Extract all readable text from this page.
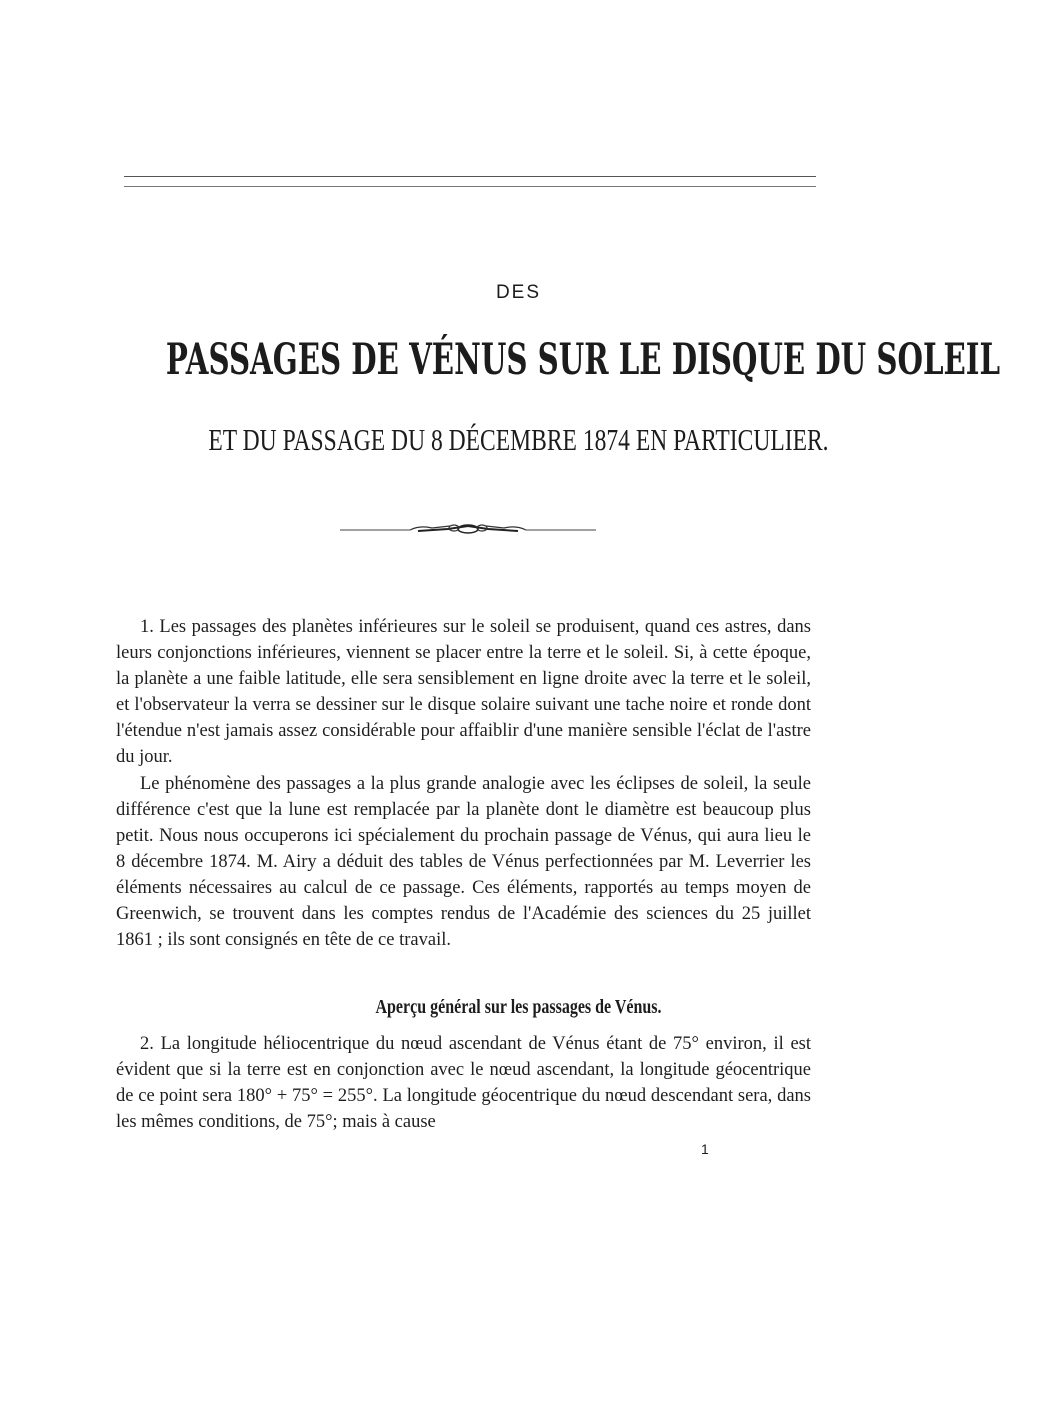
DES
PASSAGES DE VÉNUS SUR LE DISQUE DU SOLEIL
ET DU PASSAGE DU 8 DÉCEMBRE 1874 EN PARTICULIER.
1. Les passages des planètes inférieures sur le soleil se produisent, quand ces astres, dans leurs conjonctions inférieures, viennent se placer entre la terre et le soleil. Si, à cette époque, la planète a une faible latitude, elle sera sensiblement en ligne droite avec la terre et le soleil, et l'observateur la verra se dessiner sur le disque solaire suivant une tache noire et ronde dont l'étendue n'est jamais assez considérable pour affaiblir d'une manière sensible l'éclat de l'astre du jour.
Le phénomène des passages a la plus grande analogie avec les éclipses de soleil, la seule différence c'est que la lune est remplacée par la planète dont le diamètre est beaucoup plus petit. Nous nous occuperons ici spécialement du prochain passage de Vénus, qui aura lieu le 8 décembre 1874. M. Airy a déduit des tables de Vénus perfectionnées par M. Leverrier les éléments nécessaires au calcul de ce passage. Ces éléments, rapportés au temps moyen de Greenwich, se trouvent dans les comptes rendus de l'Académie des sciences du 25 juillet 1861 ; ils sont consignés en tête de ce travail.
Aperçu général sur les passages de Vénus.
2. La longitude héliocentrique du nœud ascendant de Vénus étant de 75° environ, il est évident que si la terre est en conjonction avec le nœud ascendant, la longitude géocentrique de ce point sera 180° + 75° = 255°. La longitude géocentrique du nœud descendant sera, dans les mêmes conditions, de 75°; mais à cause
1
